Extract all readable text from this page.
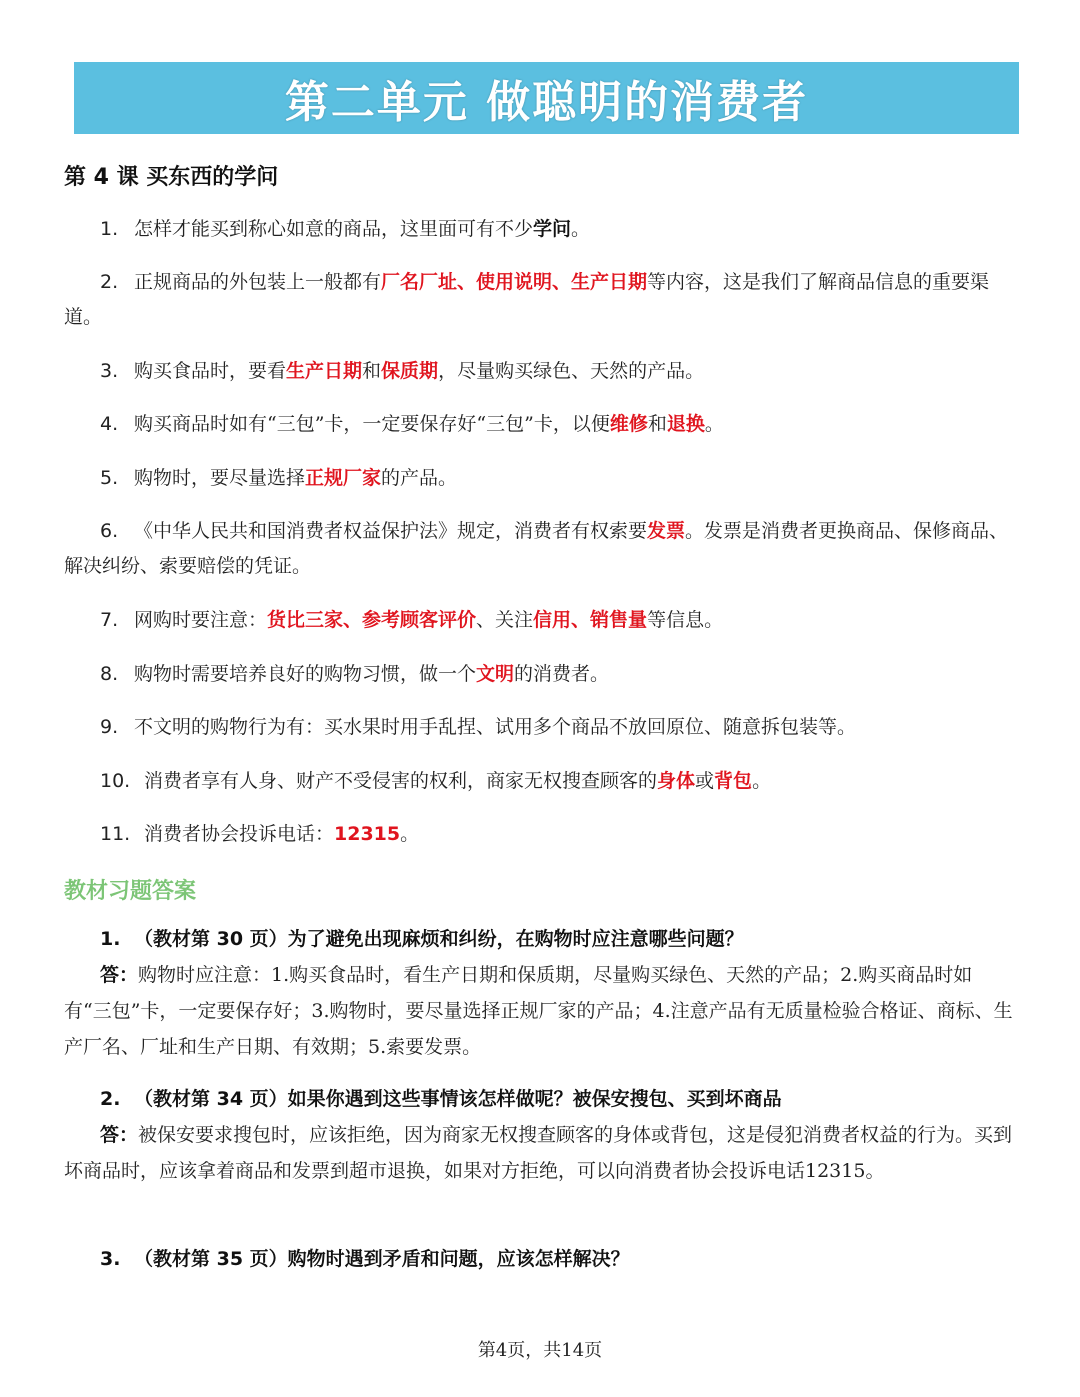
第二单元 做聪明的消费者
第 4 课 买东西的学问
1. 怎样才能买到称心如意的商品，这里面可有不少学问。
2. 正规商品的外包装上一般都有厂名厂址、使用说明、生产日期等内容，这是我们了解商品信息的重要渠道。
3. 购买食品时，要看生产日期和保质期，尽量购买绿色、天然的产品。
4. 购买商品时如有“三包”卡，一定要保存好“三包”卡，以便维修和退换。
5. 购物时，要尽量选择正规厂家的产品。
6. 《中华人民共和国消费者权益保护法》规定，消费者有权索要发票。发票是消费者更换商品、保修商品、解决纠纷、索要赔偿的凭证。
7. 网购时要注意：货比三家、参考顾客评价、关注信用、销售量等信息。
8. 购物时需要培养良好的购物习惯，做一个文明的消费者。
9. 不文明的购物行为有：买水果时用手乱捏、试用多个商品不放回原位、随意拆包装等。
10. 消费者享有人身、财产不受侵害的权利，商家无权搜查顾客的身体或背包。
11. 消费者协会投诉电话：12315。
教材习题答案
1. （教材第 30 页）为了避免出现麻烦和纠纷，在购物时应注意哪些问题？
答：购物时应注意：1.购买食品时，看生产日期和保质期，尽量购买绿色、天然的产品；2.购买商品时如有“三包”卡，一定要保存好；3.购物时，要尽量选择正规厂家的产品；4.注意产品有无质量检验合格证、商标、生产厂名、厂址和生产日期、有效期；5.索要发票。
2. （教材第 34 页）如果你遇到这些事情该怎样做呢？被保安搜包、买到坏商品
答：被保安要求搜包时，应该拒绝，因为商家无权搜查顾客的身体或背包，这是侵犯消费者权益的行为。买到坏商品时，应该拿着商品和发票到超市退换，如果对方拒绝，可以向消费者协会投诉电话12315。
3. （教材第 35 页）购物时遇到矛盾和问题，应该怎样解决？
第4页，共14页
